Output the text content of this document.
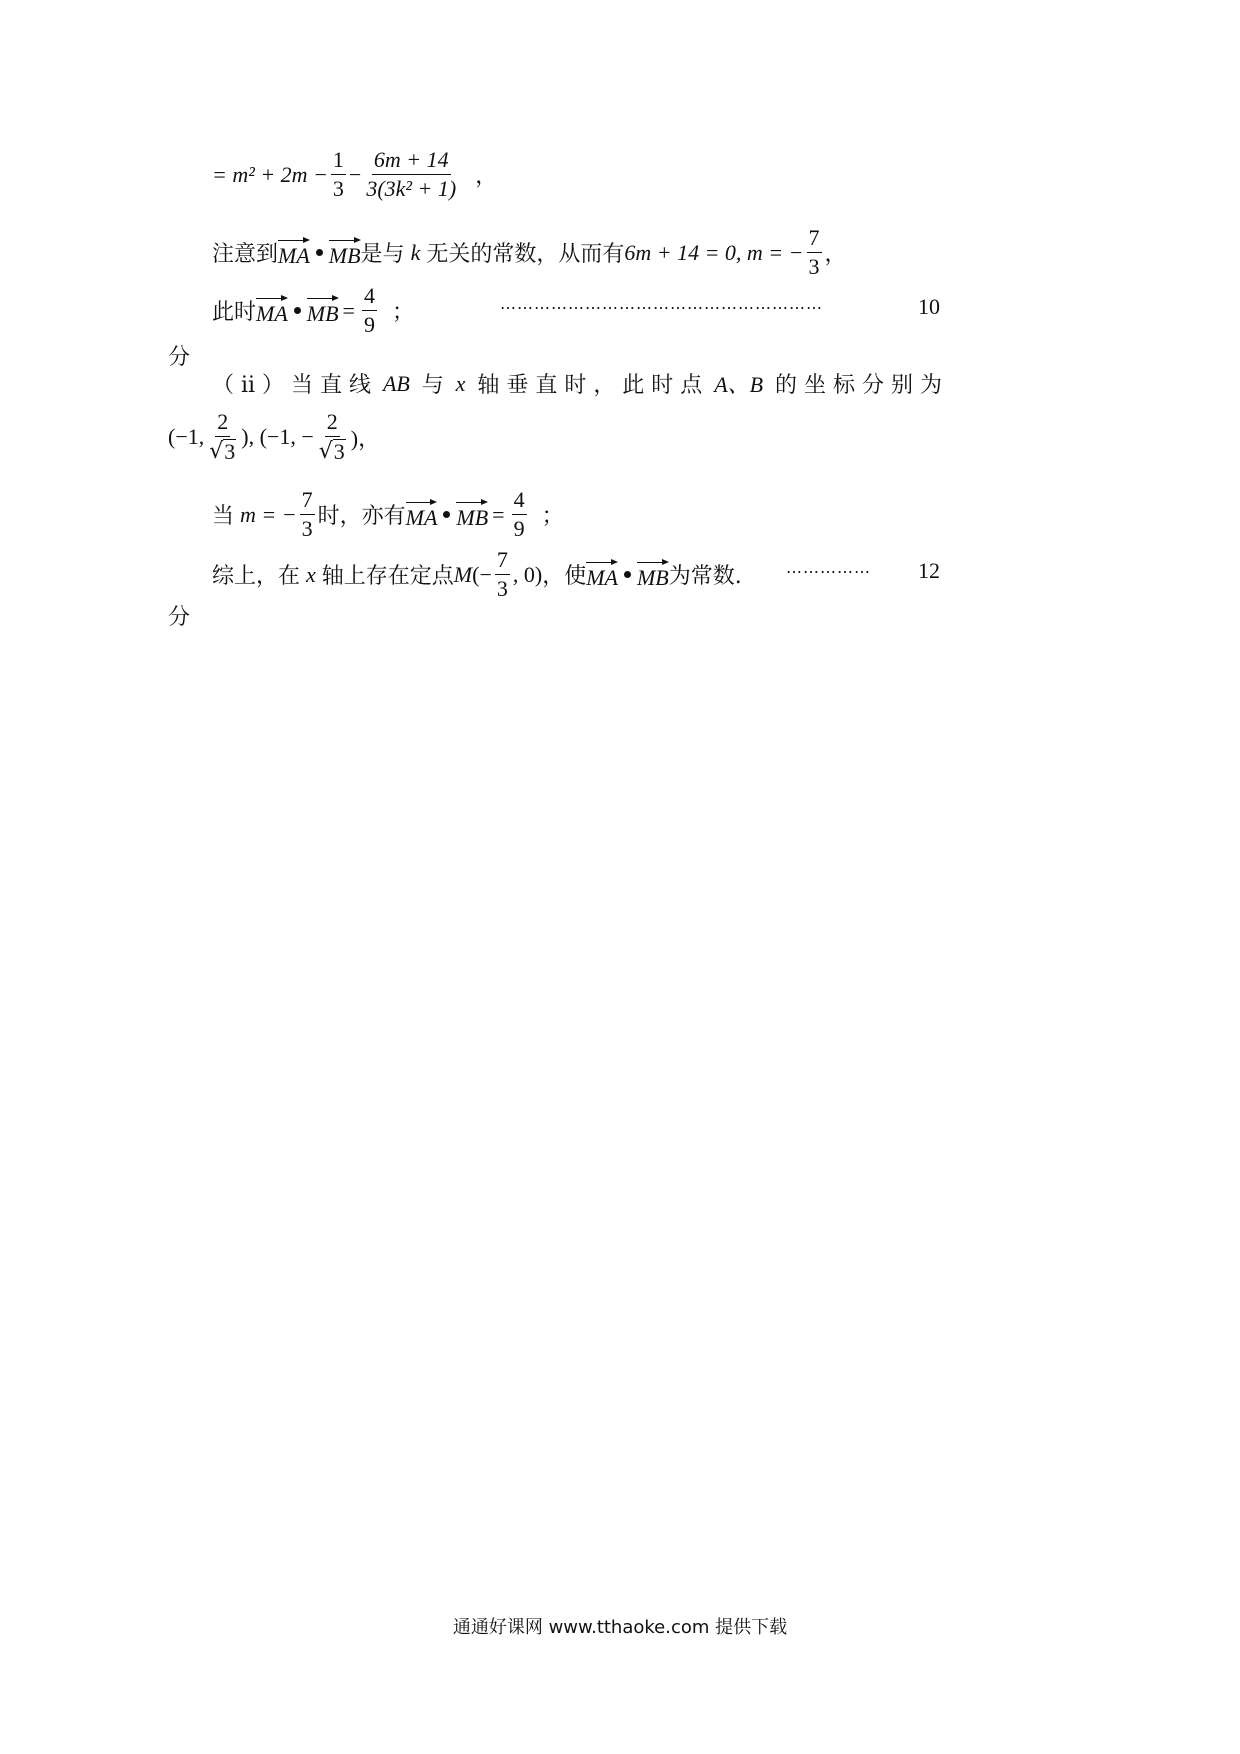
= $m^2 + 2m - \frac{1}{3} - \frac{6m + 14}{\text{3(3k² + 1)}}$ ，
注意到 MA MB 是与 k 无关的常数，从而有 6m + 14 = 0, m = − $\frac{7}{3}$ ，
此时 MA MB = $\frac{4}{9}$ ；	…………………………………………………	10
分
（ ⅱ ） 当 直 线 AB 与 x 轴 垂 直 时 ， 此 时 点 A、B 的 坐 标 分 别 为
(−1, $\frac{2}{√ 3}$ ), (−1, − $\frac{2}{√ 3}$ )，
当 m = − $\frac{7}{3}$ 时，亦有 MA MB = $\frac{4}{9}$ ；
综上，在 x 轴上存在定点 M (− $\frac{7}{3}$ , 0) ，使 MA MB 为常数.	…………… 12
分
通通好课网 www.tthaoke.com 提供下载
